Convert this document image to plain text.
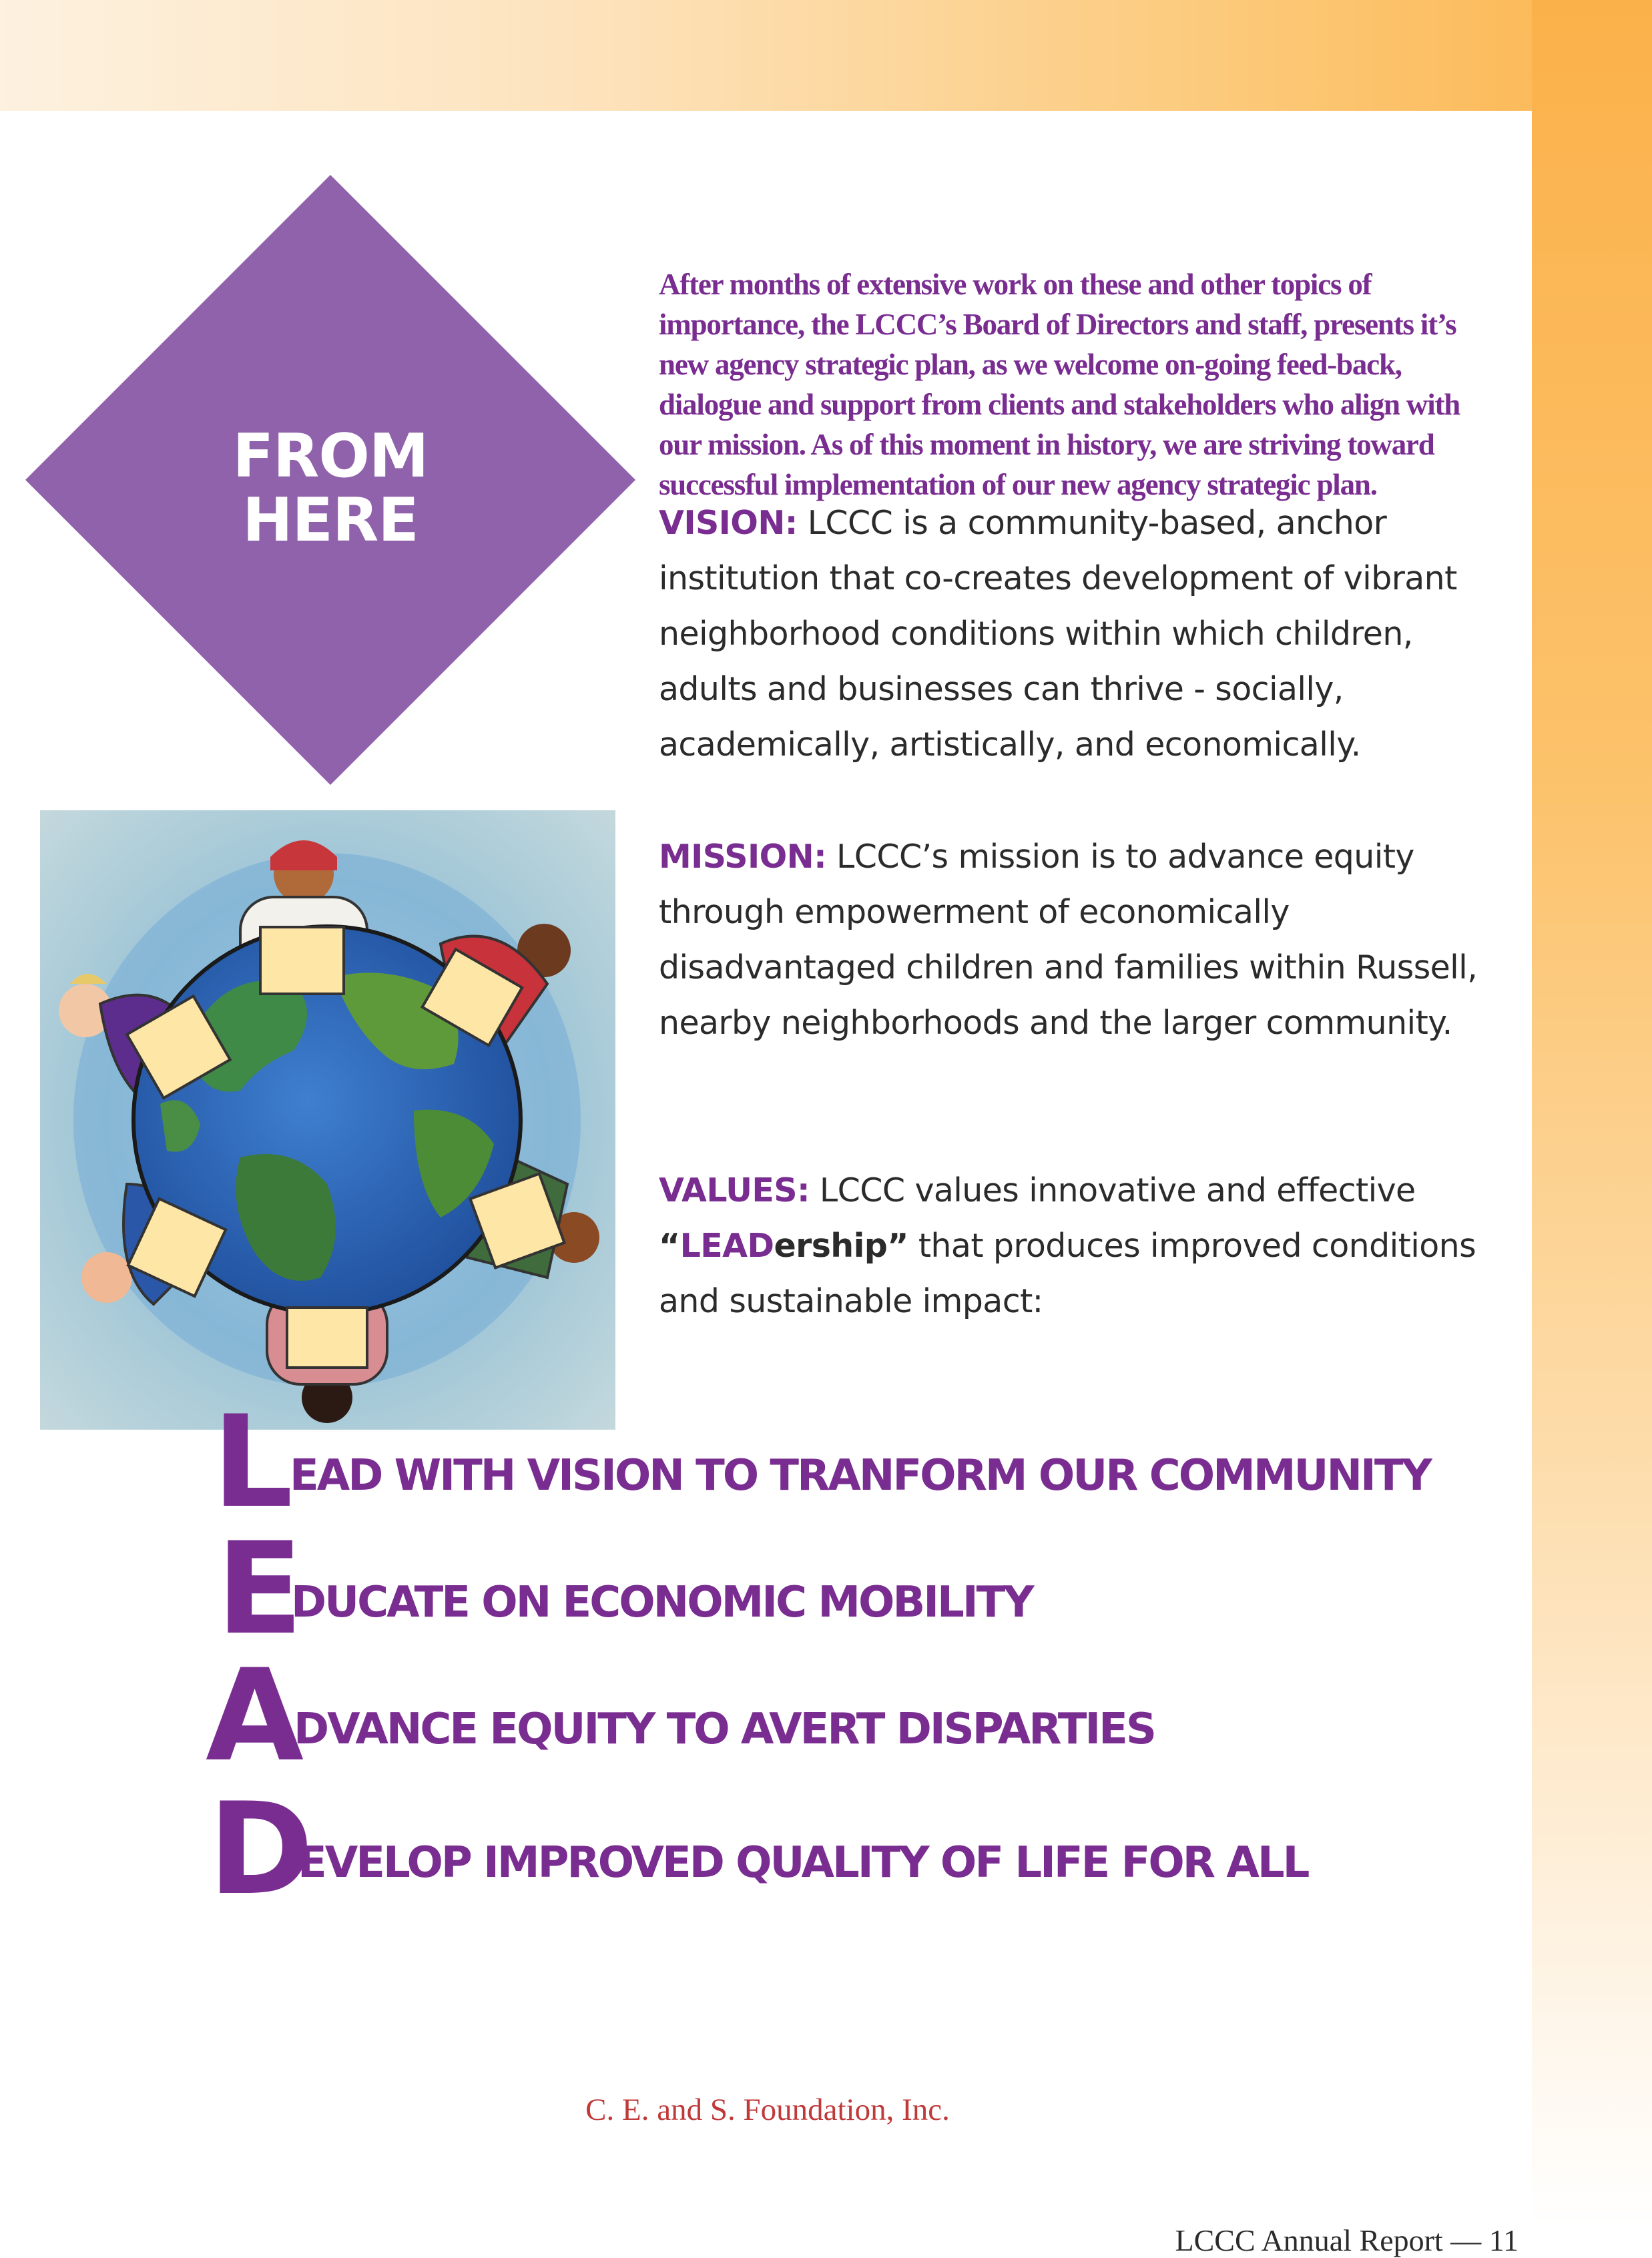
FROM
HERE
After months of extensive work on these and other topics of importance, the LCCC’s Board of Directors and staff, presents it’s new agency strategic plan, as we welcome on-going feed-back, dialogue and support from clients and stakeholders who align with our mission. As of this moment in history, we are striving toward successful implementation of our new agency strategic plan.
VISION: LCCC is a community-based, anchor institution that co-creates development of vibrant neighborhood conditions within which children, adults and businesses can thrive - socially, academically, artistically, and economically.
MISSION: LCCC’s mission is to advance equity through empowerment of economically disadvantaged children and families within Russell, nearby neighborhoods and the larger community.
VALUES: LCCC values innovative and effective “LEADership” that produces improved conditions and sustainable impact:
L
EAD WITH VISION TO TRANFORM OUR COMMUNITY
E
DUCATE ON ECONOMIC MOBILITY
A
DVANCE EQUITY TO AVERT DISPARTIES
D
EVELOP IMPROVED QUALITY OF LIFE FOR ALL
C. E. and S. Foundation, Inc.
LCCC Annual Report — 11
